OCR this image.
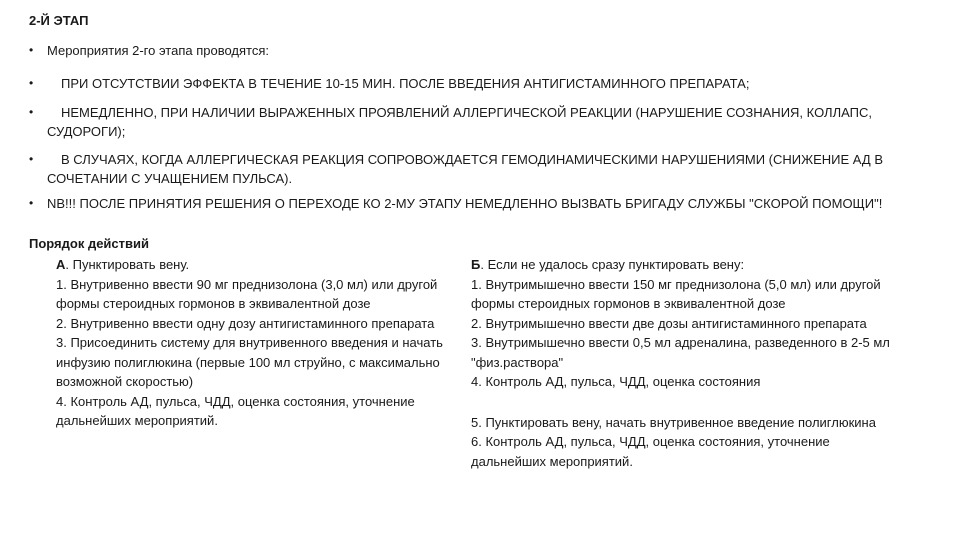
2-Й ЭТАП
• Мероприятия 2-го этапа проводятся:
•	ПРИ ОТСУТСТВИИ ЭФФЕКТА В ТЕЧЕНИЕ 10-15 МИН. ПОСЛЕ ВВЕДЕНИЯ АНТИГИСТАМИННОГО ПРЕПАРАТА;
•	НЕМЕДЛЕННО, ПРИ НАЛИЧИИ ВЫРАЖЕННЫХ ПРОЯВЛЕНИЙ АЛЛЕРГИЧЕСКОЙ РЕАКЦИИ (НАРУШЕНИЕ СОЗНАНИЯ, КОЛЛАПС, СУДОРОГИ);
•	В СЛУЧАЯХ, КОГДА АЛЛЕРГИЧЕСКАЯ РЕАКЦИЯ СОПРОВОЖДАЕТСЯ ГЕМОДИНАМИЧЕСКИМИ НАРУШЕНИЯМИ (СНИЖЕНИЕ АД В СОЧЕТАНИИ С УЧАЩЕНИЕМ ПУЛЬСА).
• NB!!! ПОСЛЕ ПРИНЯТИЯ РЕШЕНИЯ О ПЕРЕХОДЕ КО 2-МУ ЭТАПУ НЕМЕДЛЕННО ВЫЗВАТЬ БРИГАДУ СЛУЖБЫ "СКОРОЙ ПОМОЩИ"!
Порядок действий

А. Пунктировать вену.

1. Внутривенно ввести 90 мг преднизолона (3,0 мл) или другой формы стероидных гормонов в эквивалентной дозе

2. Внутривенно ввести одну дозу антигистаминного препарата

3. Присоединить систему для внутривенного введения и начать инфузию полиглюкина (первые 100 мл струйно, с максимально возможной скоростью)

4. Контроль АД, пульса, ЧДД, оценка состояния, уточнение дальнейших мероприятий.

Б. Если не удалось сразу пунктировать вену:

1. Внутримышечно ввести 150 мг преднизолона (5,0 мл) или другой формы стероидных гормонов в эквивалентной дозе

2. Внутримышечно ввести две дозы антигистаминного препарата

3. Внутримышечно ввести 0,5 мл адреналина, разведенного в 2-5 мл "физ.раствора"

4. Контроль АД, пульса, ЧДД, оценка состояния

5. Пунктировать вену, начать внутривенное введение полиглюкина

6. Контроль АД, пульса, ЧДД, оценка состояния, уточнение дальнейших мероприятий.
